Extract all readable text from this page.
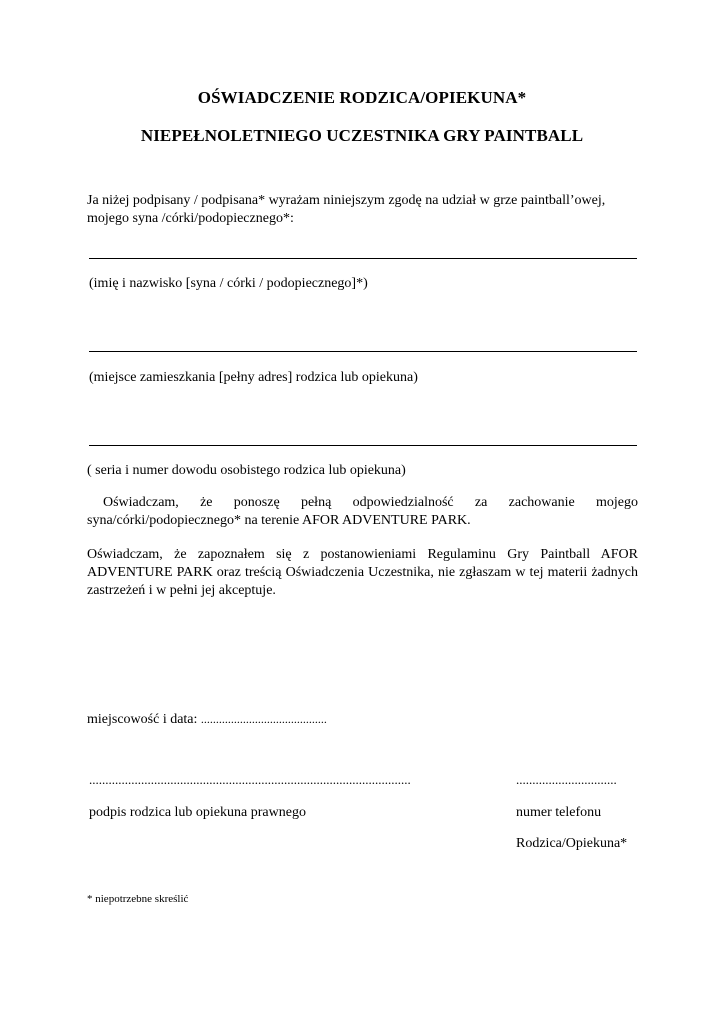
OŚWIADCZENIE RODZICA/OPIEKUNA*
NIEPEŁNOLETNIEGO UCZESTNIKA GRY PAINTBALL
Ja niżej podpisany / podpisana* wyrażam niniejszym zgodę na udział w grze paintball’owej, mojego syna /córki/podopiecznego*:
(imię i nazwisko [syna / córki / podopiecznego]*)
(miejsce zamieszkania [pełny adres] rodzica lub opiekuna)
( seria i numer dowodu osobistego rodzica lub opiekuna)
Oświadczam, że ponoszę pełną odpowiedzialność za zachowanie mojego syna/córki/podopiecznego* na terenie AFOR ADVENTURE PARK.
Oświadczam, że zapoznałem się z postanowieniami Regulaminu Gry Paintball AFOR ADVENTURE PARK oraz treścią Oświadczenia Uczestnika, nie zgłaszam w tej materii żadnych zastrzeżeń i w pełni jej akceptuje.
miejscowość i data: ..........................................
...................................................................................................	...............................
podpis rodzica lub opiekuna prawnego	numer telefonu
Rodzica/Opiekuna*
* niepotrzebne skreślić
